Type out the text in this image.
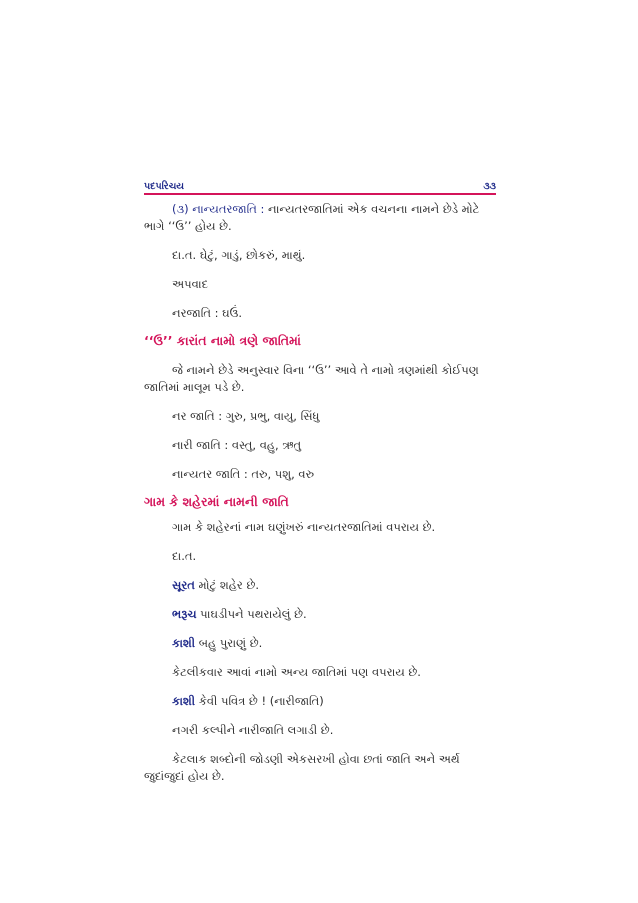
પદપરિચય	૩૩

(૩) નાન્યતરજાતિ : નાન્યતરજાતિમાં એક વચનના નામને છેડે મોટે ભાગે ‘‘ઉ’’ હોય છે.

દા.ત. ઘેટું, ગાડું, છોકરું, માથું.

અપવાદ

નરજાતિ : ઘઉં.

‘‘ઉ’’ કારાંત નામો ત્રણે જાતિમાં

જે નામને છેડે અનુસ્વાર વિના ‘‘ઉ’’ આવે તે નામો ત્રણમાંથી કોઈપણ જાતિમાં માલૂમ પડે છે.

નર જાતિ : ગુરુ, પ્રભુ, વાયુ, સિંધુ

નારી જાતિ : વસ્તુ, વહુ, ઋતુ

નાન્યતર જાતિ : તરુ, પશુ, વરુ

ગામ કે શહેરમાં નામની જાતિ

ગામ કે શહેરનાં નામ ઘણુંખરું નાન્યતરજાતિમાં વપરાય છે.

દા.ત.

સૂરત મોટું શહેર છે.

ભરૂચ પાઘડીપને પથરાયેલું છે.

કાશી બહુ પુરાણું છે.

કેટલીકવાર આવાં નામો અન્ય જાતિમાં પણ વપરાય છે.

કાશી કેવી પવિત્ર છે ! (નારીજાતિ)

નગરી કલ્પીને નારીજાતિ લગાડી છે.

કેટલાક શબ્દોની જોડણી એકસરખી હોવા છતાં જાતિ અને અર્થ જુદાંજુદાં હોય છે.
